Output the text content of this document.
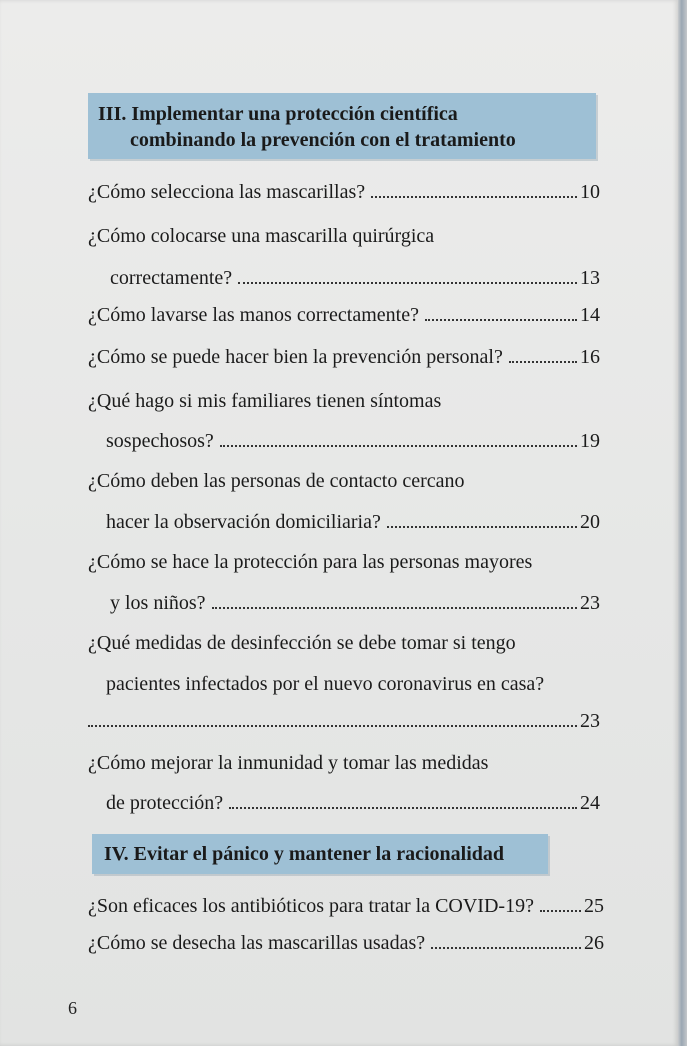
III. Implementar una protección científica
combinando la prevención con el tratamiento
¿Cómo selecciona las mascarillas?	10
¿Cómo colocarse una mascarilla quirúrgica
correctamente?	13
¿Cómo lavarse las manos correctamente?	14
¿Cómo se puede hacer bien la prevención personal?	16
¿Qué hago si mis familiares tienen síntomas
sospechosos?	19
¿Cómo deben las personas de contacto cercano
hacer la observación domiciliaria?	20
¿Cómo se hace la protección para las personas mayores
y los niños?	23
¿Qué medidas de desinfección se debe tomar si tengo
pacientes infectados por el nuevo coronavirus en casa?
23
¿Cómo mejorar la inmunidad y tomar las medidas
de protección?	24
IV. Evitar el pánico y mantener la racionalidad
¿Son eficaces los antibióticos para tratar la COVID-19?	25
¿Cómo se desecha las mascarillas usadas?	26
6
